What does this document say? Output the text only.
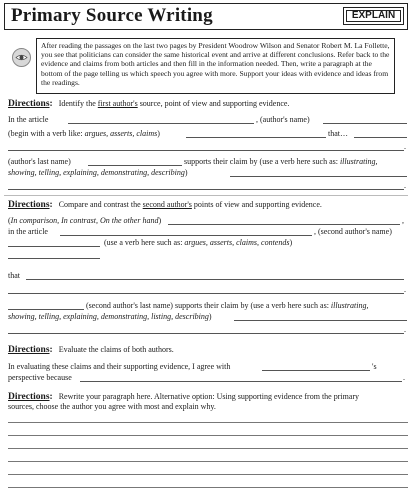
Primary Source Writing	EXPLAIN
After reading the passages on the last two pages by President Woodrow Wilson and Senator Robert M. La Follette, you see that politicians can consider the same historical event and arrive at different conclusions. Refer back to the evidence and claims from both articles and then fill in the information needed. Then, write a paragraph at the bottom of the page telling us which speech you agree with more. Support your ideas with evidence and ideas from the readings.
Directions: Identify the first author's source, point of view and supporting evidence.
In the article	, (author's name)
(begin with a verb like: argues, asserts, claims)	that…
.
(author's last name)	supports their claim by (use a verb here such as: illustrating,
showing, telling, explaining, demonstrating, describing)
.
Directions: Compare and contrast the second author's points of view and supporting evidence.
(In comparison, In contrast, On the other hand)	,
in the article	, (second author's name)
(use a verb here such as: argues, asserts, claims, contends)
that
.
(second author's last name) supports their claim by (use a verb here such as: illustrating,
showing, telling, explaining, demonstrating, listing, describing)
.
Directions: Evaluate the claims of both authors.
In evaluating these claims and their supporting evidence, I agree with	's
perspective because	.
Directions: Rewrite your paragraph here. Alternative option: Using supporting evidence from the primary
sources, choose the author you agree with most and explain why.
